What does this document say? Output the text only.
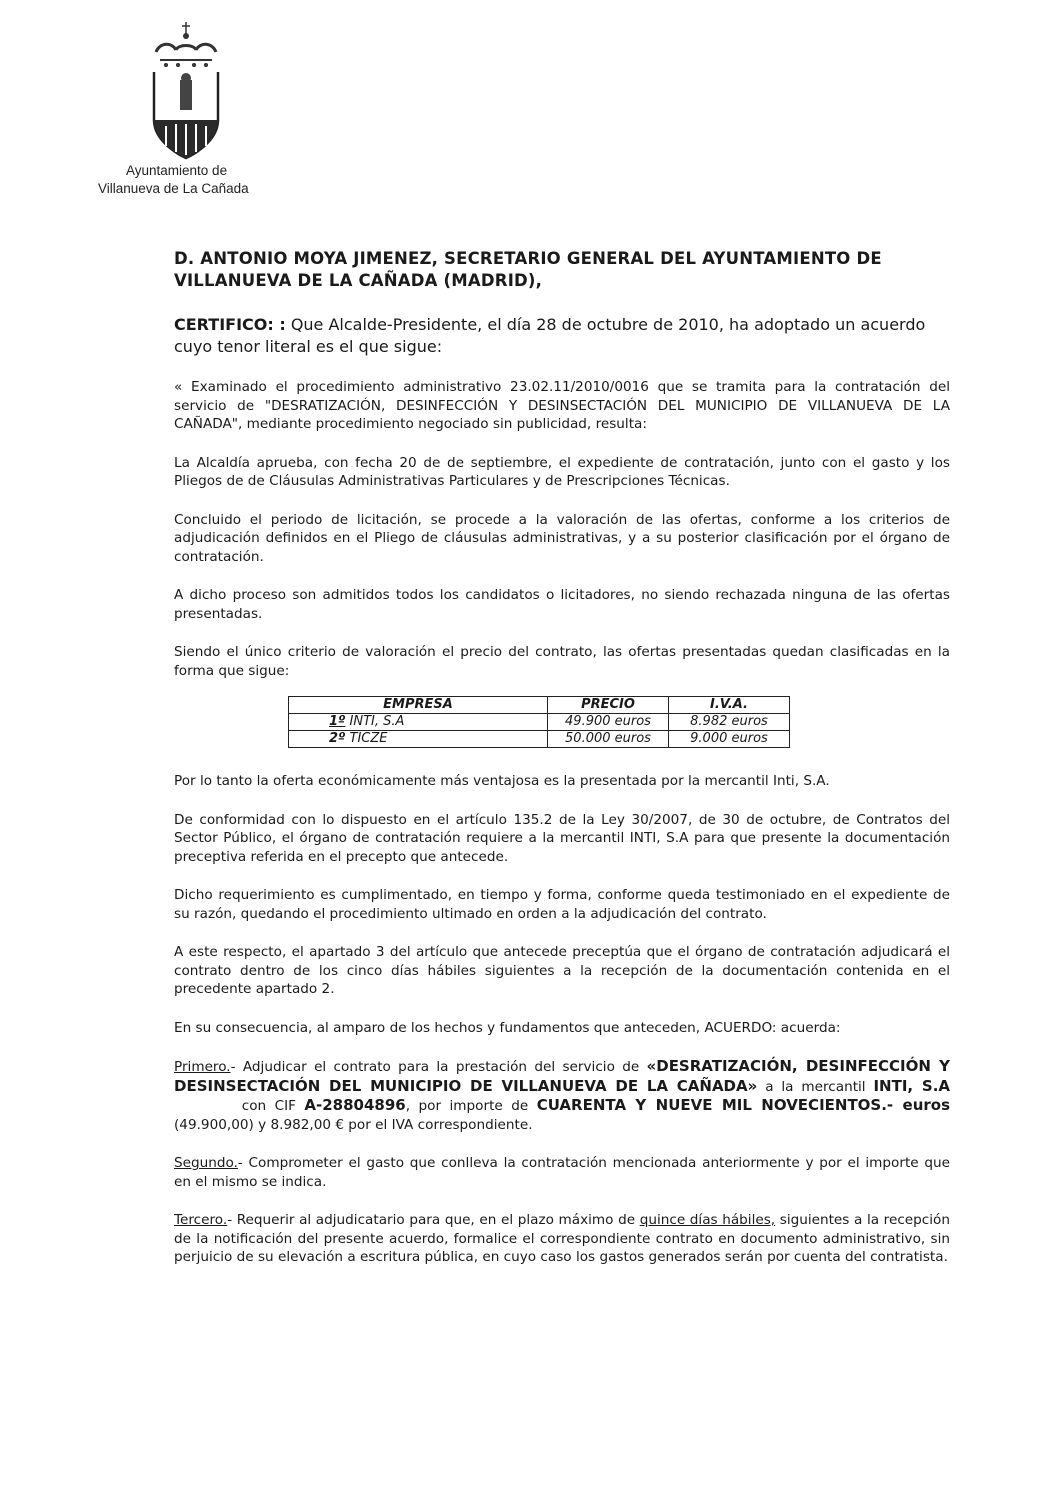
Ayuntamiento de
Villanueva de La Cañada
D. ANTONIO MOYA JIMENEZ, SECRETARIO GENERAL DEL AYUNTAMIENTO DE VILLANUEVA DE LA CAÑADA (MADRID),
CERTIFICO: : Que Alcalde-Presidente, el día 28 de octubre de 2010, ha adoptado un acuerdo cuyo tenor literal es el que sigue:

« Examinado el procedimiento administrativo 23.02.11/2010/0016 que se tramita para la contratación del servicio de "DESRATIZACIÓN, DESINFECCIÓN Y DESINSECTACIÓN DEL MUNICIPIO DE VILLANUEVA DE LA CAÑADA", mediante procedimiento negociado sin publicidad, resulta:

La Alcaldía aprueba, con fecha 20 de de septiembre, el expediente de contratación, junto con el gasto y los Pliegos de de Cláusulas Administrativas Particulares y de Prescripciones Técnicas.

Concluido el periodo de licitación, se procede a la valoración de las ofertas, conforme a los criterios de adjudicación definidos en el Pliego de cláusulas administrativas, y a su posterior clasificación por el órgano de contratación.

A dicho proceso son admitidos todos los candidatos o licitadores, no siendo rechazada ninguna de las ofertas presentadas.

Siendo el único criterio de valoración el precio del contrato, las ofertas presentadas quedan clasificadas en la forma que sigue:

EMPRESA	PRECIO	I.V.A.
1º INTI, S.A	49.900 euros	8.982 euros
2º TICZE	50.000 euros	9.000 euros

Por lo tanto la oferta económicamente más ventajosa es la presentada por la mercantil Inti, S.A.

De conformidad con lo dispuesto en el artículo 135.2 de la Ley 30/2007, de 30 de octubre, de Contratos del Sector Público, el órgano de contratación requiere a la mercantil INTI, S.A para que presente la documentación preceptiva referida en el precepto que antecede.

Dicho requerimiento es cumplimentado, en tiempo y forma, conforme queda testimoniado en el expediente de su razón, quedando el procedimiento ultimado en orden a la adjudicación del contrato.

A este respecto, el apartado 3 del artículo que antecede preceptúa que el órgano de contratación adjudicará el contrato dentro de los cinco días hábiles siguientes a la recepción de la documentación contenida en el precedente apartado 2.

En su consecuencia, al amparo de los hechos y fundamentos que anteceden, ACUERDO: acuerda:

Primero.- Adjudicar el contrato para la prestación del servicio de «DESRATIZACIÓN, DESINFECCIÓN Y DESINSECTACIÓN DEL MUNICIPIO DE VILLANUEVA DE LA CAÑADA» a la mercantil INTI, S.A        con CIF A-28804896, por importe de CUARENTA Y NUEVE MIL NOVECIENTOS.- euros (49.900,00) y 8.982,00 € por el IVA correspondiente.

Segundo.- Comprometer el gasto que conlleva la contratación mencionada anteriormente y por el importe que en el mismo se indica.

Tercero.- Requerir al adjudicatario para que, en el plazo máximo de quince días hábiles, siguientes a la recepción de la notificación del presente acuerdo, formalice el correspondiente contrato en documento administrativo, sin perjuicio de su elevación a escritura pública, en cuyo caso los gastos generados serán por cuenta del contratista.
